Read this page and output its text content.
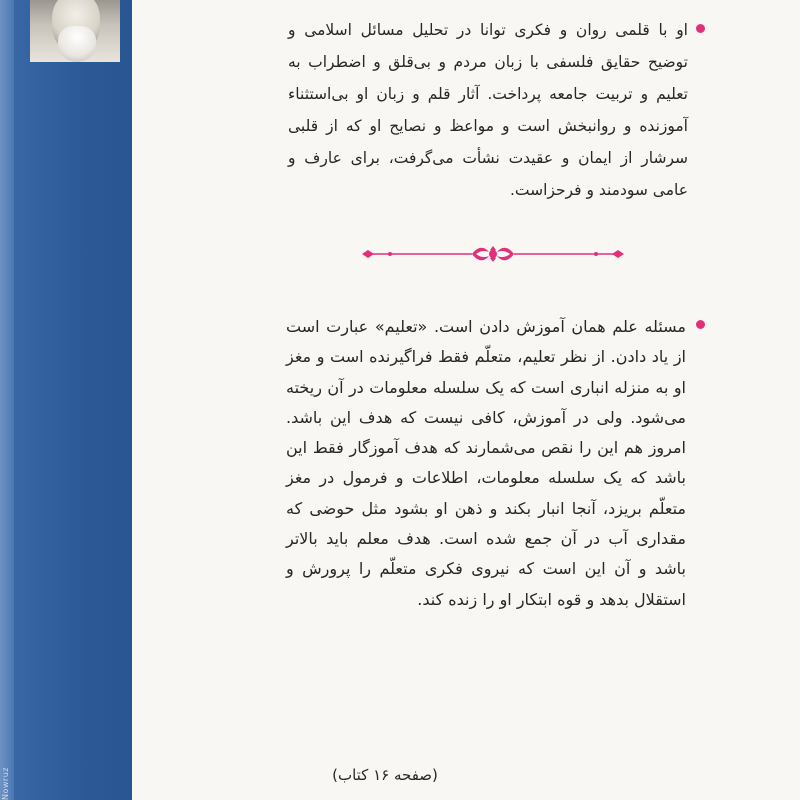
Nowruz
او با قلمی روان و فکری توانا در تحلیل مسائل اسلامی و توضیح حقایق فلسفی با زبان مردم و بی‌قلق و اضطراب به تعلیم و تربیت جامعه پرداخت. آثار قلم و زبان او بی‌استثناء آموزنده و روانبخش است و مواعظ و نصایح او که از قلبی سرشار از ایمان و عقیدت نشأت می‌گرفت، برای عارف و عامی سودمند و فرحزاست.
مسئله علم همان آموزش دادن است. «تعلیم» عبارت است از یاد دادن. از نظر تعلیم، متعلّم فقط فراگیرنده است و مغز او به منزله انباری است که یک سلسله معلومات در آن ریخته می‌شود. ولی در آموزش، کافی نیست که هدف این باشد. امروز هم این را نقص می‌شمارند که هدف آموزگار فقط این باشد که یک سلسله معلومات، اطلاعات و فرمول در مغز متعلّم بریزد، آنجا انبار بکند و ذهن او بشود مثل حوضی که مقداری آب در آن جمع شده است. هدف معلم باید بالاتر باشد و آن این است که نیروی فکری متعلّم را پرورش و استقلال بدهد و قوه ابتکار او را زنده کند.
(صفحه ۱۶ کتاب)
